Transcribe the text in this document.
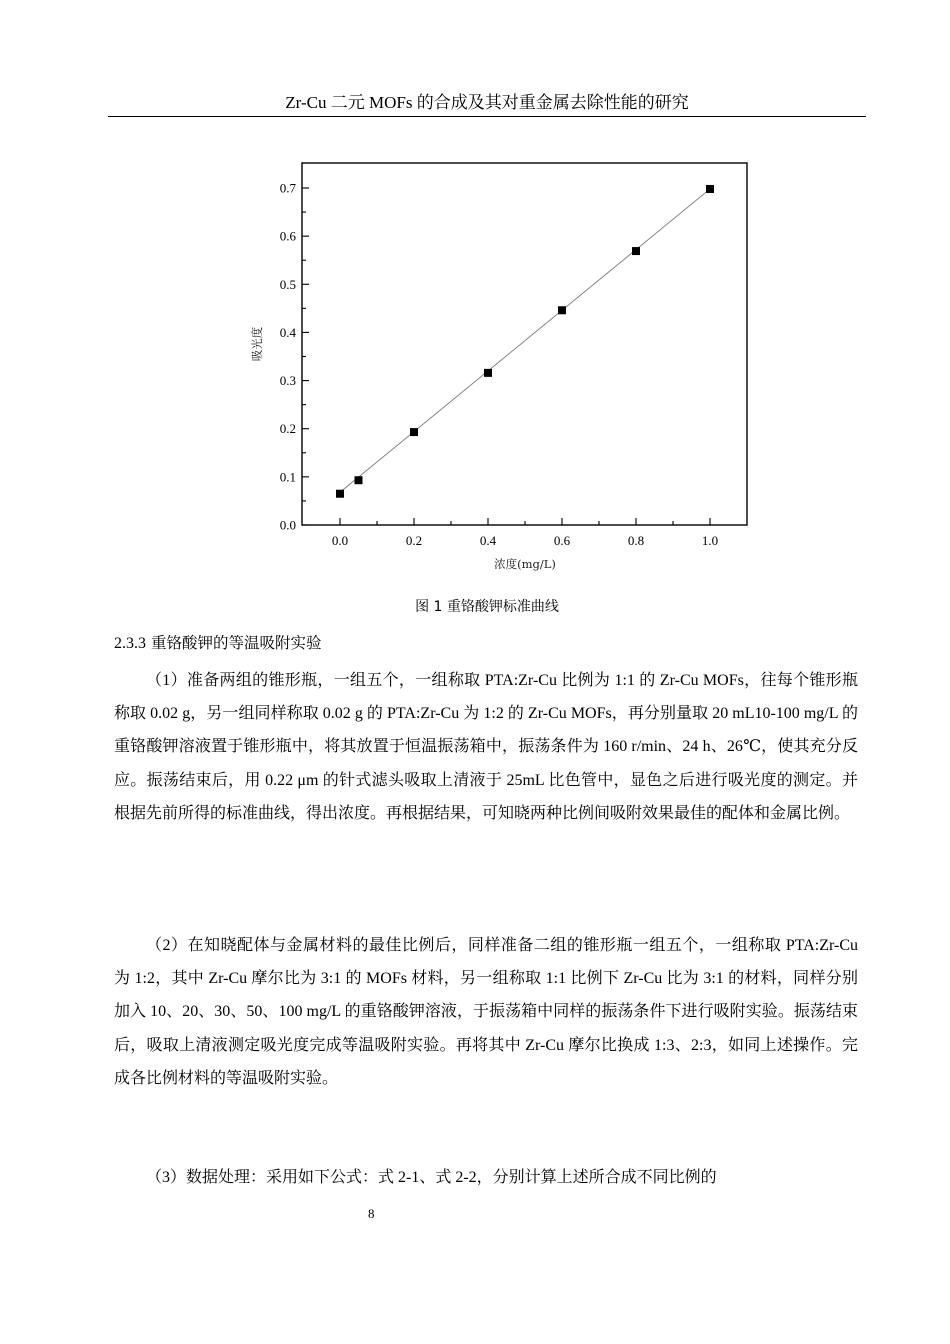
Zr-Cu 二元 MOFs 的合成及其对重金属去除性能的研究
0.0
0.1
0.2
0.3
0.4
0.5
0.6
0.7
0.0	0.2	0.4	0.6	0.8	1.0
浓度(mg/L)
吸光度
图 1 重铬酸钾标准曲线
2.3.3 重铬酸钾的等温吸附实验

（1）准备两组的锥形瓶，一组五个，一组称取 PTA:Zr-Cu 比例为 1:1 的 Zr-Cu MOFs，往每个锥形瓶称取 0.02 g，另一组同样称取 0.02 g 的 PTA:Zr-Cu 为 1:2 的 Zr-Cu MOFs，再分别量取 20 mL10-100 mg/L 的重铬酸钾溶液置于锥形瓶中，将其放置于恒温振荡箱中，振荡条件为 160 r/min、24 h、26℃，使其充分反应。振荡结束后，用 0.22 μm 的针式滤头吸取上清液于 25mL 比色管中，显色之后进行吸光度的测定。并根据先前所得的标准曲线，得出浓度。再根据结果，可知晓两种比例间吸附效果最佳的配体和金属比例。

（2）在知晓配体与金属材料的最佳比例后，同样准备二组的锥形瓶一组五个，一组称取 PTA:Zr-Cu 为 1:2，其中 Zr-Cu 摩尔比为 3:1 的 MOFs 材料，另一组称取 1:1 比例下 Zr-Cu 比为 3:1 的材料，同样分别加入 10、20、30、50、100 mg/L 的重铬酸钾溶液，于振荡箱中同样的振荡条件下进行吸附实验。振荡结束后，吸取上清液测定吸光度完成等温吸附实验。再将其中 Zr-Cu 摩尔比换成 1:3、2:3，如同上述操作。完成各比例材料的等温吸附实验。

（3）数据处理：采用如下公式：式 2-1、式 2-2，分别计算上述所合成不同比例的

8
